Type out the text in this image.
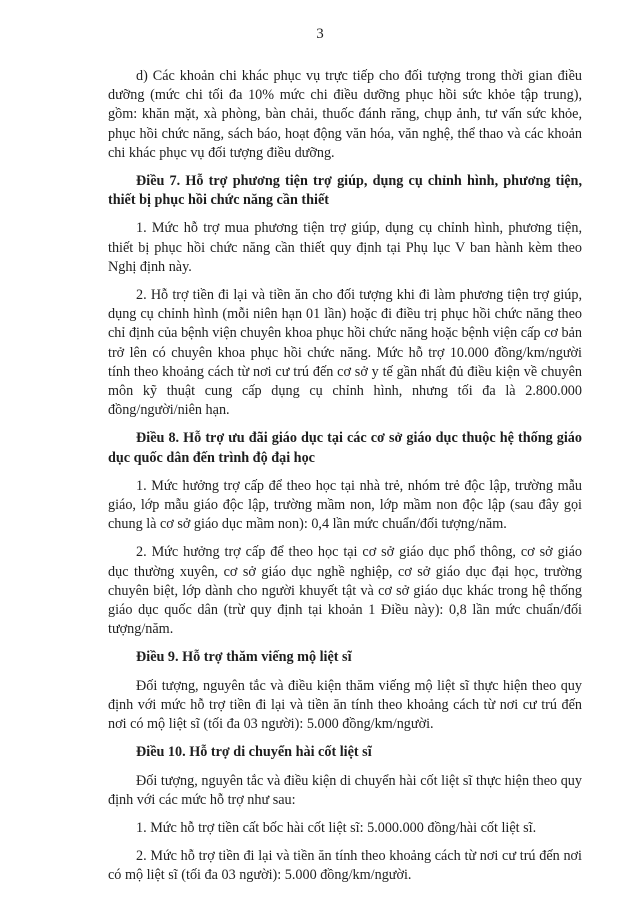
3

d) Các khoản chi khác phục vụ trực tiếp cho đối tượng trong thời gian điều dưỡng (mức chi tối đa 10% mức chi điều dưỡng phục hồi sức khỏe tập trung), gồm: khăn mặt, xà phòng, bàn chải, thuốc đánh răng, chụp ảnh, tư vấn sức khỏe, phục hồi chức năng, sách báo, hoạt động văn hóa, văn nghệ, thể thao và các khoản chi khác phục vụ đối tượng điều dưỡng.

Điều 7. Hỗ trợ phương tiện trợ giúp, dụng cụ chỉnh hình, phương tiện, thiết bị phục hồi chức năng cần thiết

1. Mức hỗ trợ mua phương tiện trợ giúp, dụng cụ chỉnh hình, phương tiện, thiết bị phục hồi chức năng cần thiết quy định tại Phụ lục V ban hành kèm theo Nghị định này.

2. Hỗ trợ tiền đi lại và tiền ăn cho đối tượng khi đi làm phương tiện trợ giúp, dụng cụ chỉnh hình (mỗi niên hạn 01 lần) hoặc đi điều trị phục hồi chức năng theo chỉ định của bệnh viện chuyên khoa phục hồi chức năng hoặc bệnh viện cấp cơ bản trở lên có chuyên khoa phục hồi chức năng. Mức hỗ trợ 10.000 đồng/km/người tính theo khoảng cách từ nơi cư trú đến cơ sở y tế gần nhất đủ điều kiện về chuyên môn kỹ thuật cung cấp dụng cụ chỉnh hình, nhưng tối đa là 2.800.000 đồng/người/niên hạn.

Điều 8. Hỗ trợ ưu đãi giáo dục tại các cơ sở giáo dục thuộc hệ thống giáo dục quốc dân đến trình độ đại học

1. Mức hưởng trợ cấp để theo học tại nhà trẻ, nhóm trẻ độc lập, trường mẫu giáo, lớp mẫu giáo độc lập, trường mầm non, lớp mầm non độc lập (sau đây gọi chung là cơ sở giáo dục mầm non): 0,4 lần mức chuẩn/đối tượng/năm.

2. Mức hưởng trợ cấp để theo học tại cơ sở giáo dục phổ thông, cơ sở giáo dục thường xuyên, cơ sở giáo dục nghề nghiệp, cơ sở giáo dục đại học, trường chuyên biệt, lớp dành cho người khuyết tật và cơ sở giáo dục khác trong hệ thống giáo dục quốc dân (trừ quy định tại khoản 1 Điều này): 0,8 lần mức chuẩn/đối tượng/năm.

Điều 9. Hỗ trợ thăm viếng mộ liệt sĩ

Đối tượng, nguyên tắc và điều kiện thăm viếng mộ liệt sĩ thực hiện theo quy định với mức hỗ trợ tiền đi lại và tiền ăn tính theo khoảng cách từ nơi cư trú đến nơi có mộ liệt sĩ (tối đa 03 người): 5.000 đồng/km/người.

Điều 10. Hỗ trợ di chuyển hài cốt liệt sĩ

Đối tượng, nguyên tắc và điều kiện di chuyển hài cốt liệt sĩ thực hiện theo quy định với các mức hỗ trợ như sau:

1. Mức hỗ trợ tiền cất bốc hài cốt liệt sĩ: 5.000.000 đồng/hài cốt liệt sĩ.

2. Mức hỗ trợ tiền đi lại và tiền ăn tính theo khoảng cách từ nơi cư trú đến nơi có mộ liệt sĩ (tối đa 03 người): 5.000 đồng/km/người.
